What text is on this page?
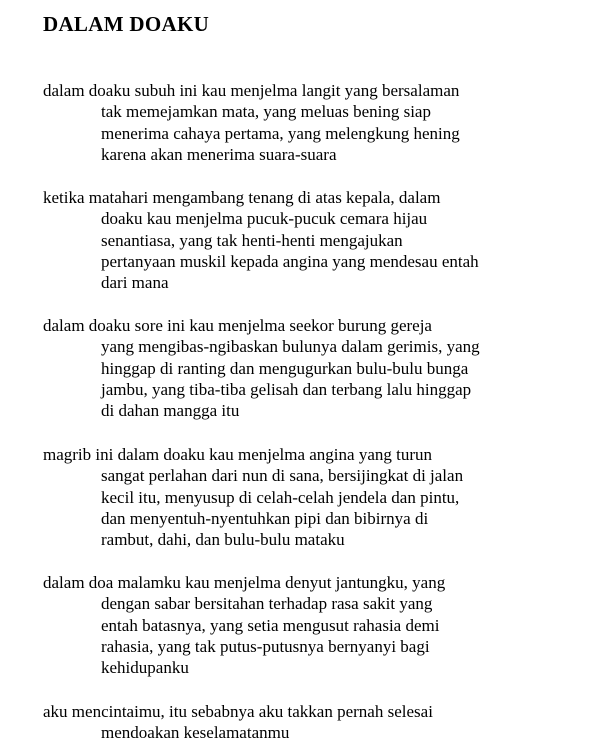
DALAM DOAKU
dalam doaku subuh ini kau menjelma langit yang bersalaman
tak memejamkan mata, yang meluas bening siap
menerima cahaya pertama, yang melengkung hening
karena akan menerima suara-suara
ketika matahari mengambang tenang di atas kepala, dalam
doaku kau menjelma pucuk-pucuk cemara hijau
senantiasa, yang tak henti-henti mengajukan
pertanyaan muskil kepada angina yang mendesau entah
dari mana
dalam doaku sore ini kau menjelma seekor burung gereja
yang mengibas-ngibaskan bulunya dalam gerimis, yang
hinggap di ranting dan mengugurkan bulu-bulu bunga
jambu, yang tiba-tiba gelisah dan terbang lalu hinggap
di dahan mangga itu
magrib ini dalam doaku kau menjelma angina yang turun
sangat perlahan dari nun di sana, bersijingkat di jalan
kecil itu, menyusup di celah-celah jendela dan pintu,
dan menyentuh-nyentuhkan pipi dan bibirnya di
rambut, dahi, dan bulu-bulu mataku
dalam doa malamku kau menjelma denyut jantungku, yang
dengan sabar bersitahan terhadap rasa sakit yang
entah batasnya, yang setia mengusut rahasia demi
rahasia, yang tak putus-putusnya bernyanyi bagi
kehidupanku
aku mencintaimu, itu sebabnya aku takkan pernah selesai
mendoakan keselamatanmu
